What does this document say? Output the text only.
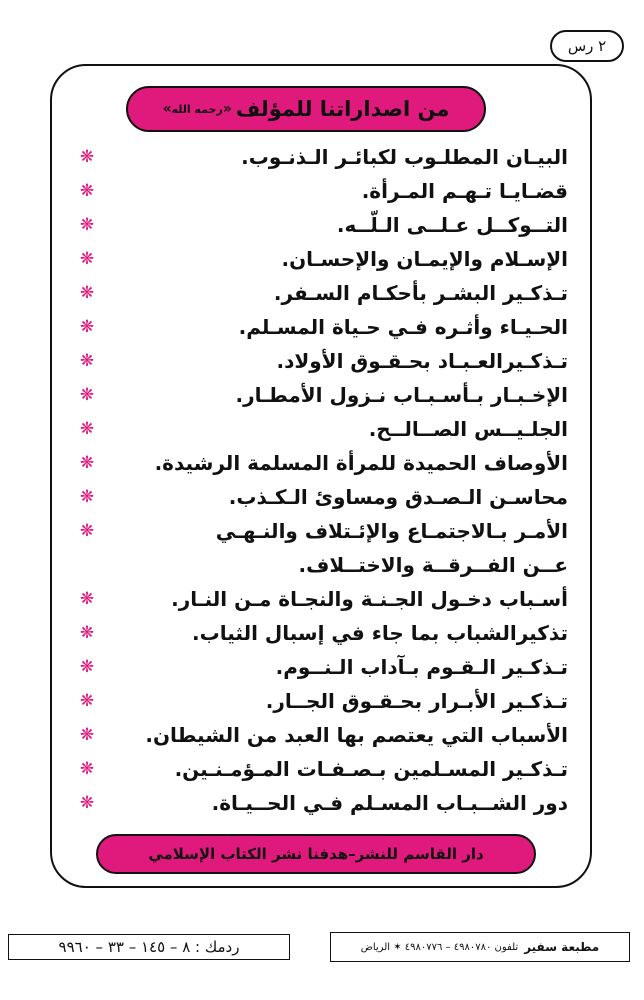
٢ رس
من اصداراتنا للمؤلف
«رحمه الله»
❋	البيـان المطلـوب لكبائـر الـذنـوب.
❋	قضـايـا تـهـم المـرأة.
❋	التــوكــل عـلــى الـلّــه.
❋	الإسـلام والإيمـان والإحسـان.
❋	تـذكـير البشـر بأحكـام السـفر.
❋	الحـيـاء وأثـره فـي حـياة المسـلم.
❋	تـذكـيرالعـبـاد بحـقـوق الأولاد.
❋	الإخـبـار بـأسـبـاب نـزول الأمطـار.
❋	الجلـيــس الصــالــح.
❋	الأوصاف الحميدة للمرأة المسلمة الرشيدة.
❋	محاسـن الـصـدق ومساوئ الـكـذب.
❋	الأمـر بـالاجتمـاع والإئـتلاف والنـهـي
عــن الفــرقــة والاختــلاف.
❋	أسـباب دخـول الجـنـة والنجـاة مـن النـار.
❋	تذكيرالشباب بما جاء في إسبال الثياب.
❋	تـذكـير الـقـوم بـآداب الـنــوم.
❋	تـذكـير الأبـرار بحـقـوق الجــار.
❋	الأسباب التي يعتصم بها العبد من الشيطان.
❋	تـذكـير المسـلمين بـصـفـات المـؤمـنـين.
❋	دور الشــبـاب المسـلم فـي الحــيـاة.
دار القاسم للنشر–هدفنا نشر الكتاب الإسلامي
ردمك : ٨ – ١٤٥ – ٣٣ – ٩٩٦٠	مطبعة سفير
تلفون ٤٩٨٠٧٨٠ – ٤٩٨٠٧٧٦ ✶ الرياض
